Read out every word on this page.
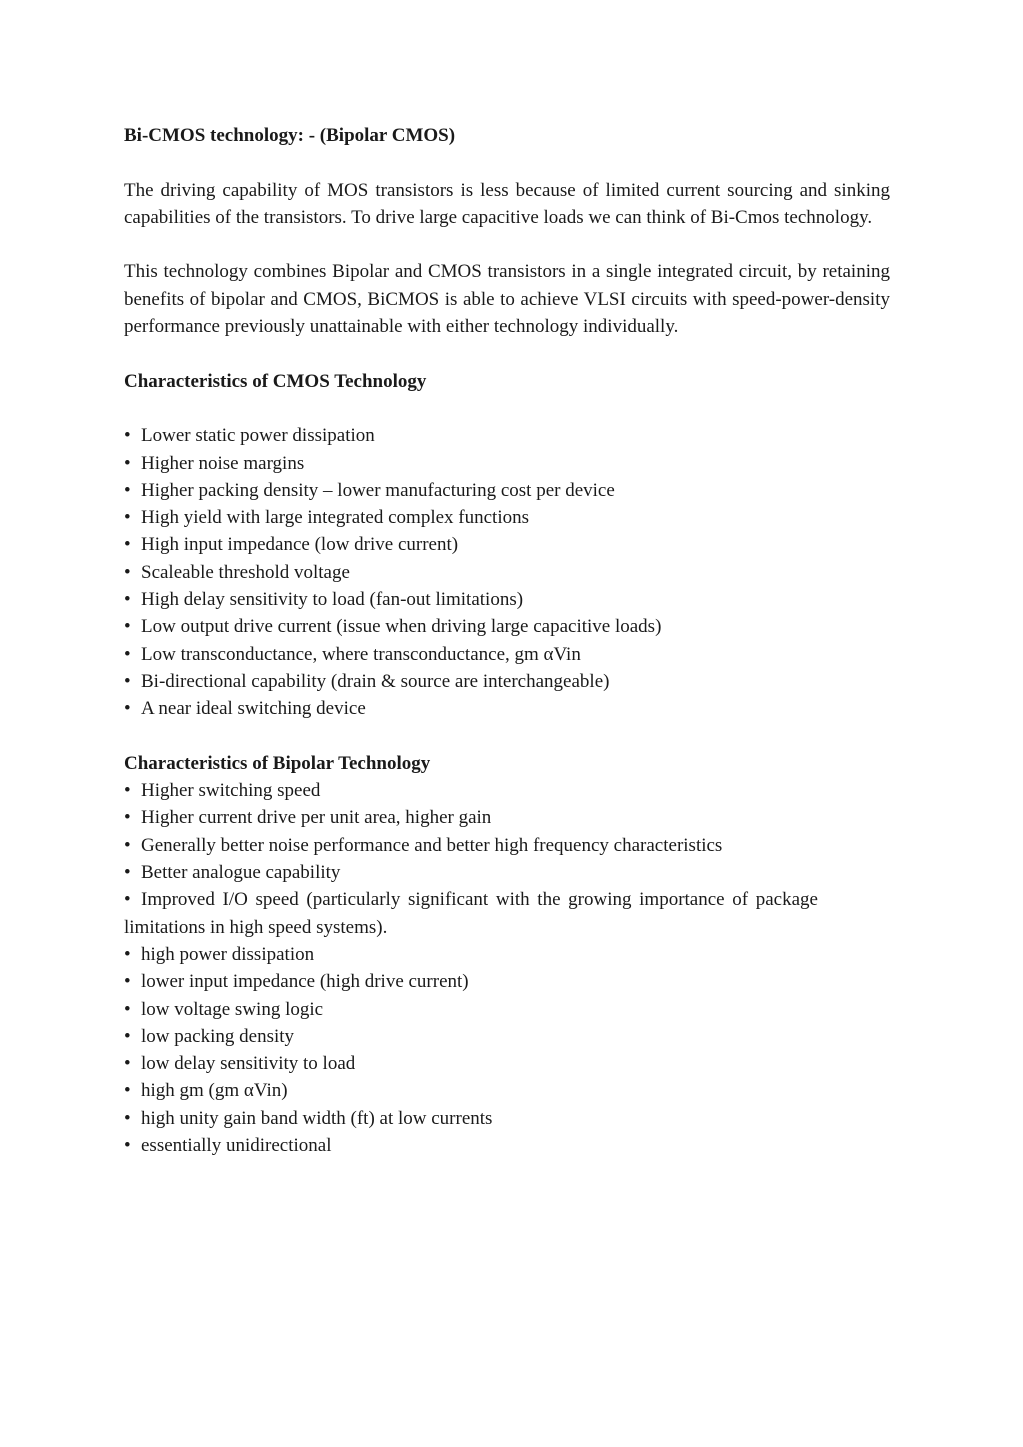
Bi-CMOS technology: - (Bipolar CMOS)

The driving capability of MOS transistors is less because of limited current sourcing and sinking capabilities of the transistors. To drive large capacitive loads we can think of Bi-Cmos technology.

This technology combines Bipolar and CMOS transistors in a single integrated circuit, by retaining benefits of bipolar and CMOS, BiCMOS is able to achieve VLSI circuits with speed-power-density performance previously unattainable with either technology individually.

Characteristics of CMOS Technology

• Lower static power dissipation
• Higher noise margins
• Higher packing density – lower manufacturing cost per device
• High yield with large integrated complex functions
• High input impedance (low drive current)
• Scaleable threshold voltage
• High delay sensitivity to load (fan-out limitations)
• Low output drive current (issue when driving large capacitive loads)
• Low transconductance, where transconductance, gm αVin
• Bi-directional capability (drain & source are interchangeable)
• A near ideal switching device

Characteristics of Bipolar Technology

• Higher switching speed
• Higher current drive per unit area, higher gain
• Generally better noise performance and better high frequency characteristics
• Better analogue capability
• Improved I/O speed (particularly significant with the growing importance of package limitations in high speed systems).
• high power dissipation
• lower input impedance (high drive current)
• low voltage swing logic
• low packing density
• low delay sensitivity to load
• high gm (gm αVin)
• high unity gain band width (ft) at low currents
• essentially unidirectional
